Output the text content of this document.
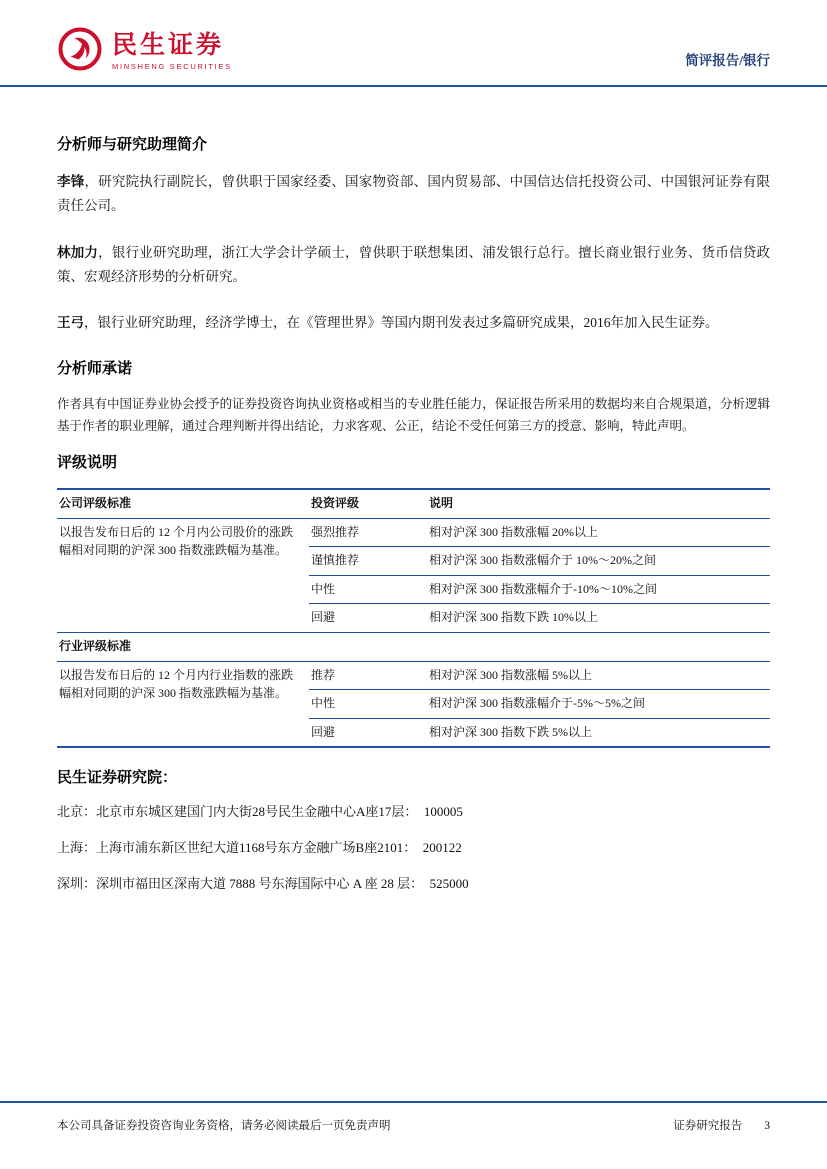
民生证券
MINSHENG SECURITIES	简评报告/银行
分析师与研究助理简介

李锋，研究院执行副院长，曾供职于国家经委、国家物资部、国内贸易部、中国信达信托投资公司、中国银河证券有限责任公司。

林加力，银行业研究助理，浙江大学会计学硕士，曾供职于联想集团、浦发银行总行。擅长商业银行业务、货币信贷政策、宏观经济形势的分析研究。

王弓，银行业研究助理，经济学博士，在《管理世界》等国内期刊发表过多篇研究成果，2016年加入民生证券。

分析师承诺

作者具有中国证券业协会授予的证券投资咨询执业资格或相当的专业胜任能力，保证报告所采用的数据均来自合规渠道，分析逻辑基于作者的职业理解，通过合理判断并得出结论，力求客观、公正，结论不受任何第三方的授意、影响，特此声明。

评级说明
公司评级标准	投资评级	说明
以报告发布日后的 12 个月内公司股价的涨跌幅相对同期的沪深 300 指数涨跌幅为基准。	强烈推荐	相对沪深 300 指数涨幅 20%以上
	谨慎推荐	相对沪深 300 指数涨幅介于 10%～20%之间
	中性	相对沪深 300 指数涨幅介于-10%～10%之间
	回避	相对沪深 300 指数下跌 10%以上
行业评级标准		
以报告发布日后的 12 个月内行业指数的涨跌幅相对同期的沪深 300 指数涨跌幅为基准。	推荐	相对沪深 300 指数涨幅 5%以上
	中性	相对沪深 300 指数涨幅介于-5%～5%之间
	回避	相对沪深 300 指数下跌 5%以上
民生证券研究院：

北京：北京市东城区建国门内大街28号民生金融中心A座17层：  100005

上海：上海市浦东新区世纪大道1168号东方金融广场B座2101：  200122

深圳：深圳市福田区深南大道 7888 号东海国际中心 A 座 28 层：  525000

本公司具备证券投资咨询业务资格，请务必阅读最后一页免责声明	证券研究报告 3
